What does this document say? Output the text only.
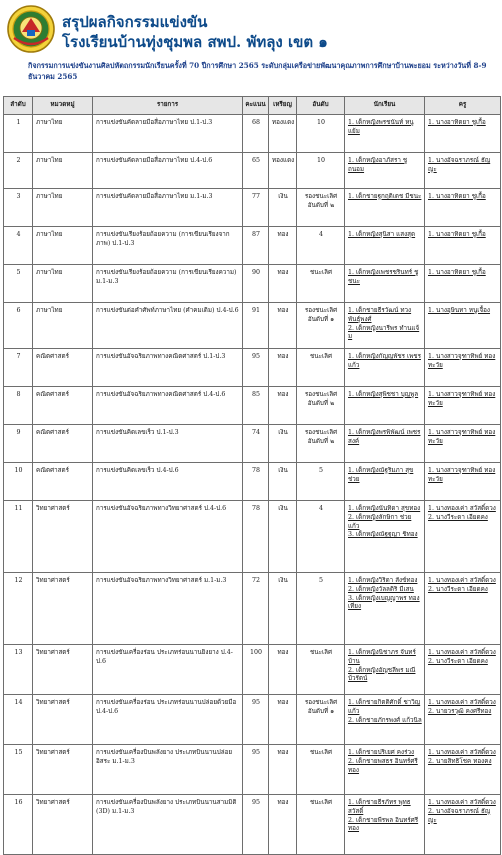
สรุปผลกิจกรรมแข่งขัน
โรงเรียนบ้านทุ่งชุมพล สพป. พัทลุง เขต ๑
กิจกรรมการแข่งขันงานศิลปหัตถกรรมนักเรียนครั้งที่ 70 ปีการศึกษา 2565 ระดับกลุ่มเครือข่ายพัฒนาคุณภาพการศึกษาบ้านพะยอม ระหว่างวันที่ 8-9 ธันวาคม 2565
ลำดับ	หมวดหมู่	รายการ	คะแนน	เหรียญ	อันดับ	นักเรียน	ครู
1	ภาษาไทย	การแข่งขันคัดลายมือสื่อภาษาไทย ป.1-ป.3	68	ทองแดง	10	1. เด็กหญิงพรชนันท์ หนูแย้ม	1. นางอาทิตยา ชูเกื้อ

2	ภาษาไทย	การแข่งขันคัดลายมือสื่อภาษาไทย ป.4-ป.6	65	ทองแดง	10	1. เด็กหญิงอาภัสรา ชูถนอม	1. นางอัจฉราภรณ์ ธัญญะ

3	ภาษาไทย	การแข่งขันคัดลายมือสื่อภาษาไทย ม.1-ม.3	77	เงิน	รองชนะเลิศอันดับที่ ๒	1. เด็กชายฐกฤติเดช มีชนะ	1. นางอาทิตยา ชูเกื้อ

4	ภาษาไทย	การแข่งขันเรียงร้อยถ้อยความ (การเขียนเรียงจากภาพ) ป.1-ป.3	87	ทอง	4	1. เด็กหญิงสุนิสา แสงสุด	1. นางอาทิตยา ชูเกื้อ

5	ภาษาไทย	การแข่งขันเรียงร้อยถ้อยความ (การเขียนเรียงความ) ม.1-ม.3	90	ทอง	ชนะเลิศ	1. เด็กหญิงเพชรชรินทร์ ชูชนะ	1. นางอาทิตยา ชูเกื้อ

6	ภาษาไทย	การแข่งขันต่อคำศัพท์ภาษาไทย (คำคมเดิม) ป.4-ป.6	91	ทอง	รองชนะเลิศอันดับที่ ๑	1. เด็กชายธีรวัฒน์ ทวงพันธุ์พงศ์
2. เด็กหญิงนารีพร ทำนแจ้ม	1. นางอุษินทา หนูเจื้อง

7	คณิตศาสตร์	การแข่งขันอัจฉริยภาพทางคณิตศาสตร์ ป.1-ป.3	95	ทอง	ชนะเลิศ	1. เด็กหญิงกัญญพัชร เพชรแก้ว	1. นางสาวจุฑาทิพย์ ทองทะวัย

8	คณิตศาสตร์	การแข่งขันอัจฉริยภาพทางคณิตศาสตร์ ป.4-ป.6	85	ทอง	รองชนะเลิศอันดับที่ ๒	1. เด็กหญิงสุพิชชา บุญพูล	1. นางสาวจุฑาทิพย์ ทองทะวัย

9	คณิตศาสตร์	การแข่งขันคิดเลขเร็ว ป.1-ป.3	74	เงิน	รองชนะเลิศอันดับที่ ๒	1. เด็กหญิงพรพิพัฒน์ เพชรสงค์	1. นางสาวจุฑาทิพย์ ทองทะวัย

10	คณิตศาสตร์	การแข่งขันคิดเลขเร็ว ป.4-ป.6	78	เงิน	5	1. เด็กหญิงณัฐริมภา สุขช่วย	1. นางสาวจุฑาทิพย์ ทองทะวัย

11	วิทยาศาสตร์	การแข่งขันอัจฉริยภาพทางวิทยาศาสตร์ ป.4-ป.6	78	เงิน	4	1. เด็กหญิงนันทิดา สุขทอง
2. เด็กหญิงลักษิกา ช่วยแก้ว
3. เด็กหญิงณัฐฐญา ชิทอง	1. นางทองเค่า สวัสดิ์ดวง
2. นางวีระดา เอียดคง

12	วิทยาศาสตร์	การแข่งขันอัจฉริยภาพทางวิทยาศาสตร์ ม.1-ม.3	72	เงิน	5	1. เด็กหญิงวิริดา สังข์ทอง
2. เด็กหญิงวัลลติริ มีเสน
3. เด็กหญิงเบญญาพร ทองเที่ยง	1. นางทองเค่า สวัสดิ์ดวง
2. นางวีระดา เอียดคง

13	วิทยาศาสตร์	การแข่งขันเครื่องร่อน ประเภทร่อนนานยิงยาง ป.4-ป.6	100	ทอง	ชนะเลิศ	1. เด็กหญิงนิชาภร จันทร์บ้าน
2. เด็กหญิงอัญชลีพร มณีบ้วรัตน์	1. นางทองเค่า สวัสดิ์ดวง
2. นางวีระดา เอียดคง

14	วิทยาศาสตร์	การแข่งขันเครื่องร่อน ประเภทร่อนนานปล่อยด้วยมือ ป.4-ป.6	95	ทอง	รองชนะเลิศอันดับที่ ๑	1. เด็กชายกิตติศักดิ์ ชาวิญแก้ว
2. เด็กชายภักรพงศ์ แก้วนิล	1. นางทองเค่า สวัสดิ์ดวง
2. นายวรวุฒิ คงศรีทอง

15	วิทยาศาสตร์	การแข่งขันเครื่องบินพลังยาง ประเภทบินนานปล่อยอิสระ ม.1-ม.3	95	ทอง	ชนะเลิศ	1. เด็กชายปริเยศ คงร่วง
2. เด็กชายพสธร อินทร์ศรีทอง	1. นางทองเค่า สวัสดิ์ดวง
2. นายสิทธิโชค ทองคง

16	วิทยาศาสตร์	การแข่งขันเครื่องบินพลังยาง ประเภทบินนานสามมิติ (3D) ม.1-ม.3	95	ทอง	ชนะเลิศ	1. เด็กชายธีรภัทร พุทธสวัสดิ์
2. เด็กชายพีรพล อินทร์ศรีทอง	1. นางทองเค่า สวัสดิ์ดวง
2. นางอัจฉราภรณ์ ธัญญะ
